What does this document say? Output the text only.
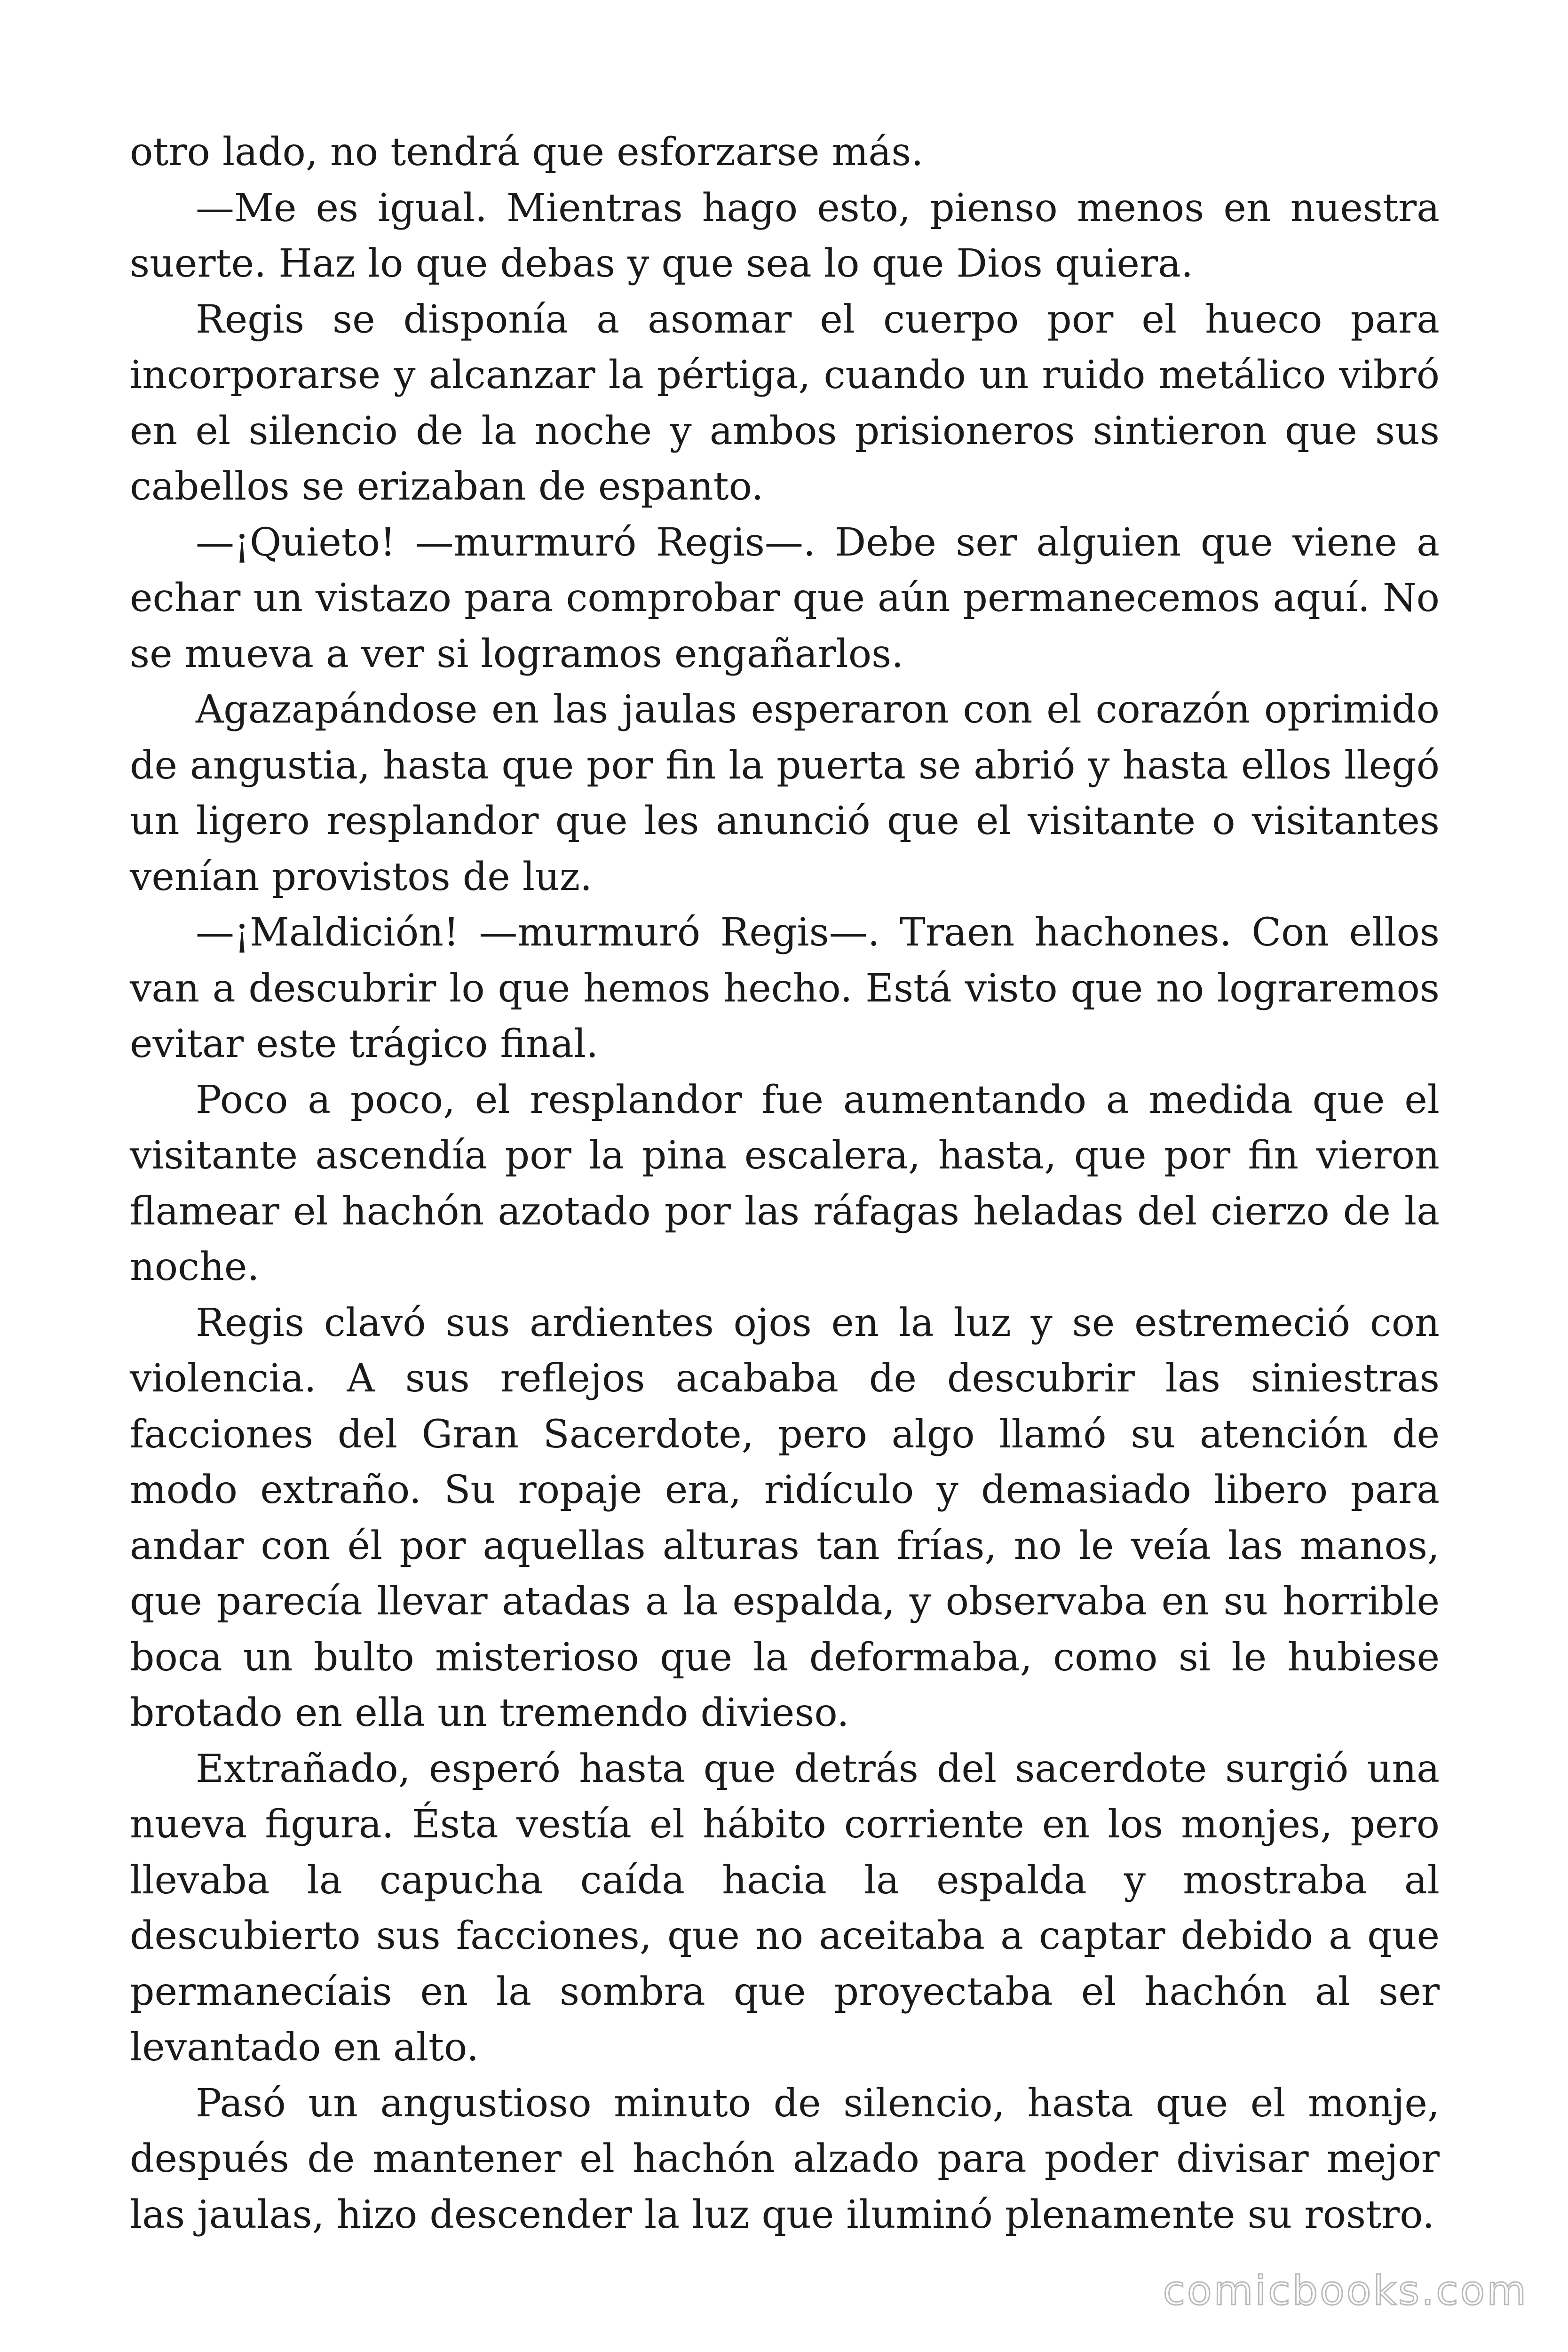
otro lado, no tendrá que esforzarse más.

—Me es igual. Mientras hago esto, pienso menos en nuestra suerte. Haz lo que debas y que sea lo que Dios quiera.

Regis se disponía a asomar el cuerpo por el hueco para incorporarse y alcanzar la pértiga, cuando un ruido metálico vibró en el silencio de la noche y ambos prisioneros sintieron que sus cabellos se erizaban de espanto.

—¡Quieto! —murmuró Regis—. Debe ser alguien que viene a echar un vistazo para comprobar que aún permanecemos aquí. No se mueva a ver si logramos engañarlos.

Agazapándose en las jaulas esperaron con el corazón oprimido de angustia, hasta que por fin la puerta se abrió y hasta ellos llegó un ligero resplandor que les anunció que el visitante o visitantes venían provistos de luz.

—¡Maldición! —murmuró Regis—. Traen hachones. Con ellos van a descubrir lo que hemos hecho. Está visto que no lograremos evitar este trágico final.

Poco a poco, el resplandor fue aumentando a medida que el visitante ascendía por la pina escalera, hasta, que por fin vieron flamear el hachón azotado por las ráfagas heladas del cierzo de la noche.

Regis clavó sus ardientes ojos en la luz y se estremeció con violencia. A sus reflejos acababa de descubrir las siniestras facciones del Gran Sacerdote, pero algo llamó su atención de modo extraño. Su ropaje era, ridículo y demasiado libero para andar con él por aquellas alturas tan frías, no le veía las manos, que parecía llevar atadas a la espalda, y observaba en su horrible boca un bulto misterioso que la deformaba, como si le hubiese brotado en ella un tremendo divieso.

Extrañado, esperó hasta que detrás del sacerdote surgió una nueva figura. Ésta vestía el hábito corriente en los monjes, pero llevaba la capucha caída hacia la espalda y mostraba al descubierto sus facciones, que no aceitaba a captar debido a que permanecíais en la sombra que proyectaba el hachón al ser levantado en alto.

Pasó un angustioso minuto de silencio, hasta que el monje, después de mantener el hachón alzado para poder divisar mejor las jaulas, hizo descender la luz que iluminó plenamente su rostro.

comicbooks.com
